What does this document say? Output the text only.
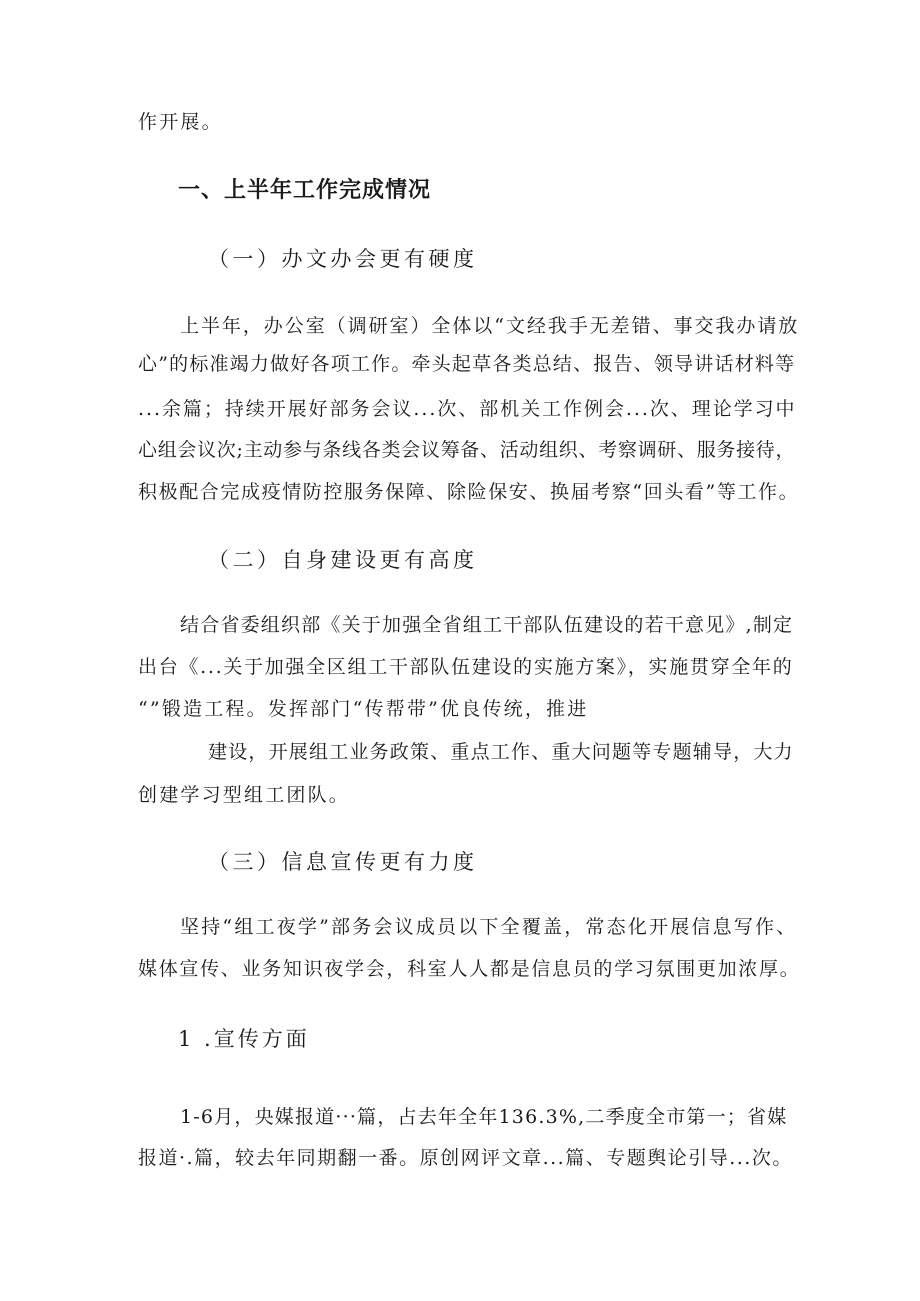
作开展。
一、上半年工作完成情况
（一）办文办会更有硬度
上半年，办公室（调研室）全体以“文经我手无差错、事交我办请放
心”的标准竭力做好各项工作。牵头起草各类总结、报告、领导讲话材料等
...余篇；持续开展好部务会议...次、部机关工作例会...次、理论学习中
心组会议次;主动参与条线各类会议筹备、活动组织、考察调研、服务接待，
积极配合完成疫情防控服务保障、除险保安、换届考察“回头看”等工作。
（二）自身建设更有高度
结合省委组织部《关于加强全省组工干部队伍建设的若干意见》,制定
出台《...关于加强全区组工干部队伍建设的实施方案》，实施贯穿全年的
“”锻造工程。发挥部门“传帮带”优良传统，推进
建设，开展组工业务政策、重点工作、重大问题等专题辅导，大力
创建学习型组工团队。
（三）信息宣传更有力度
坚持“组工夜学”部务会议成员以下全覆盖，常态化开展信息写作、
媒体宣传、业务知识夜学会，科室人人都是信息员的学习氛围更加浓厚。
1 .宣传方面
1-6月，央媒报道···篇，占去年全年136.3%,二季度全市第一；省媒
报道·.篇，较去年同期翻一番。原创网评文章...篇、专题舆论引导...次。
